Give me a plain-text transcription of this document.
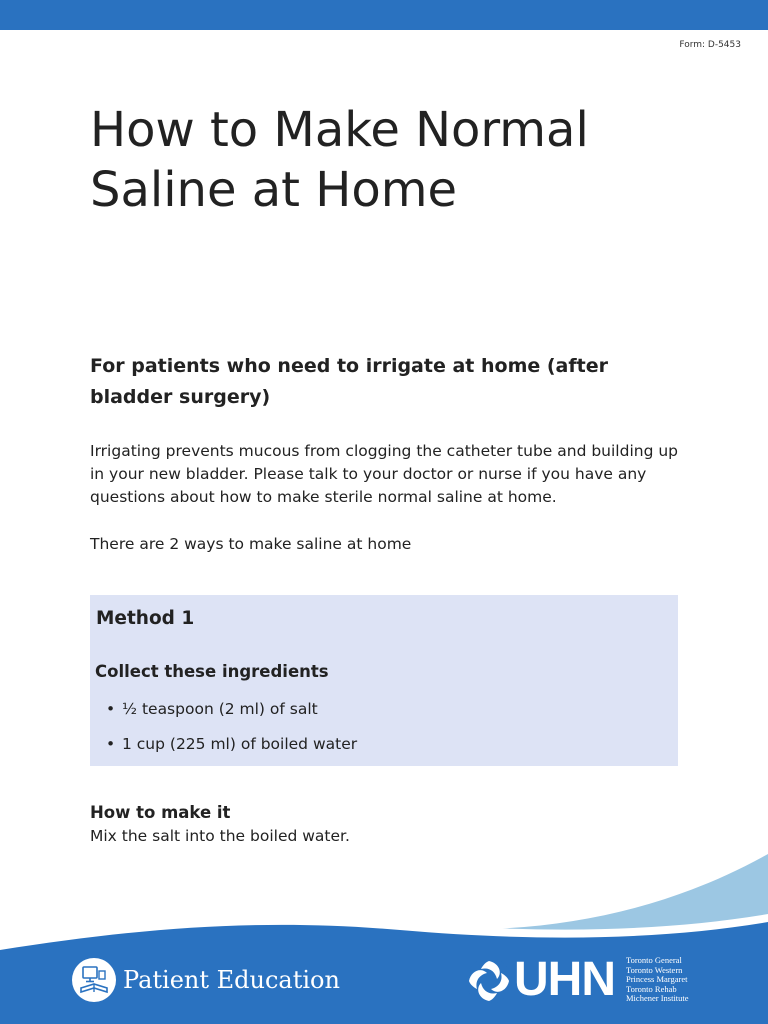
Form: D-5453
How to Make Normal
Saline at Home
For patients who need to irrigate at home (after bladder surgery)

Irrigating prevents mucous from clogging the catheter tube and building up in your new bladder. Please talk to your doctor or nurse if you have any questions about how to make sterile normal saline at home.

There are 2 ways to make saline at home

Method 1
Collect these ingredients
• ½ teaspoon (2 ml) of salt
• 1 cup (225 ml) of boiled water
How to make it

Mix the salt into the boiled water.

Patient Education	UHN Toronto General
Toronto Western
Princess Margaret
Toronto Rehab
Michener Institute
